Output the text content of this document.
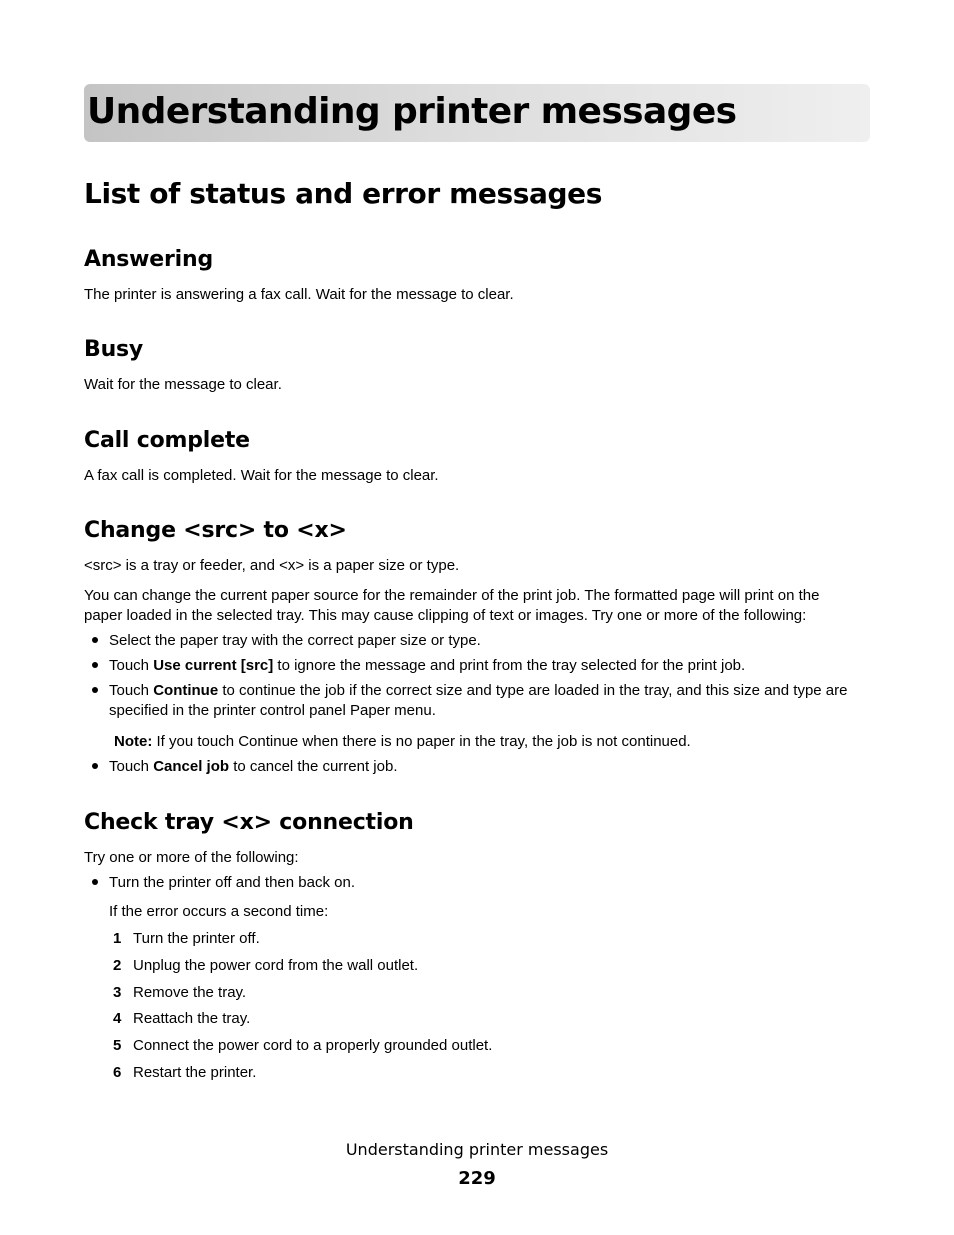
Understanding printer messages
List of status and error messages
Answering

The printer is answering a fax call. Wait for the message to clear.

Busy

Wait for the message to clear.

Call complete

A fax call is completed. Wait for the message to clear.

Change <src> to <x>

<src> is a tray or feeder, and <x> is a paper size or type.

You can change the current paper source for the remainder of the print job. The formatted page will print on the

paper loaded in the selected tray. This may cause clipping of text or images. Try one or more of the following:

Select the paper tray with the correct paper size or type.

Touch Use current [src] to ignore the message and print from the tray selected for the print job.

Touch Continue to continue the job if the correct size and type are loaded in the tray, and this size and type are

specified in the printer control panel Paper menu.

Note: If you touch Continue when there is no paper in the tray, the job is not continued.

Touch Cancel job to cancel the current job.

Check tray <x> connection

Try one or more of the following:

Turn the printer off and then back on.

If the error occurs a second time:

1 Turn the printer off.

2 Unplug the power cord from the wall outlet.

3 Remove the tray.

4 Reattach the tray.

5 Connect the power cord to a properly grounded outlet.

6 Restart the printer.

Understanding printer messages

229
